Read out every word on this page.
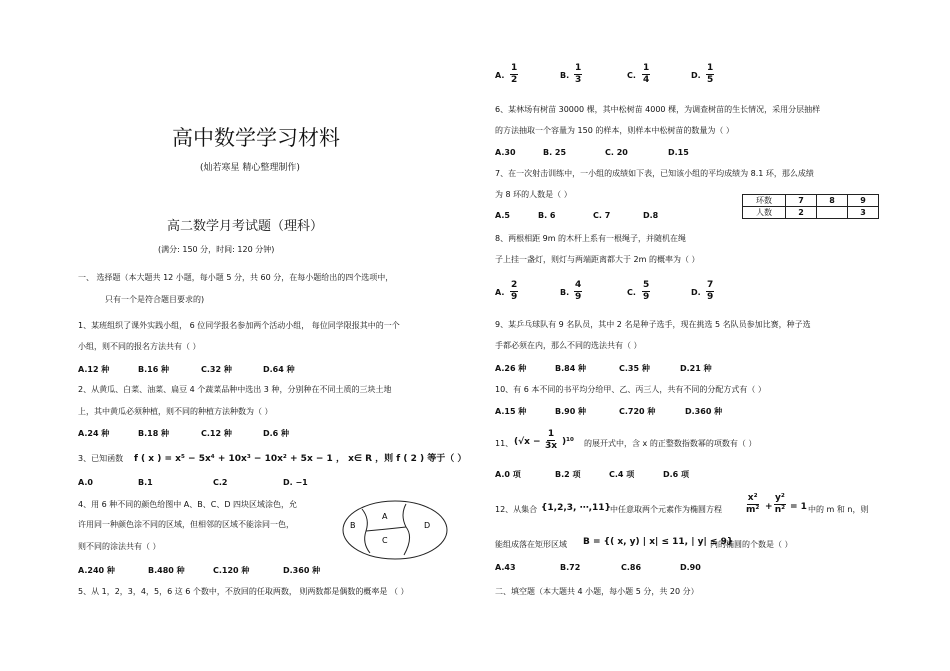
高中数学学习材料
(灿若寒星 精心整理制作)
高二数学月考试题（理科）
(满分: 150 分，时间: 120 分钟)
一、 选择题（本大题共 12 小题，每小题 5 分，共 60 分，在每小题给出的四个选项中，
只有一个是符合题目要求的)
1、某班组织了课外实践小组， 6 位同学报名参加两个活动小组， 每位同学限报其中的一个
小组，则不同的报名方法共有（ ）
A.12 种	B.16 种	C.32 种	D.64 种
2、从黄瓜、白菜、油菜、扁豆 4 个蔬菜品种中选出 3 种，分别种在不同土质的三块土地
上，其中黄瓜必须种植，则不同的种植方法种数为（ ）
A.24 种	B.18 种	C.12 种	D.6 种
3、已知函数 f ( x ) = x⁵ − 5x⁴ + 10x³ − 10x² + 5x − 1 ， x∈ R ，则 f ( 2 ) 等于（ ）
A.0	B.1	C.2	D. −1
4、用 6 种不同的颜色给图中 A、B、C、D 四块区域涂色，允
许用同一种颜色涂不同的区域，但相邻的区域不能涂同一色，
则不同的涂法共有（ ）
A
B
C
D
A.240 种	B.480 种	C.120 种	D.360 种
5、从 1，2，3，4，5，6 这 6 个数中，不放回的任取两数， 则两数都是偶数的概率是 （ ）
A. $\frac{1}{2}$	B. $\frac{1}{3}$	C. $\frac{1}{4}$	D. $\frac{1}{5}$
6、某林场有树苗 30000 棵，其中松树苗 4000 棵，为调查树苗的生长情况，采用分层抽样
的方法抽取一个容量为 150 的样本，则样本中松树苗的数量为（ ）
A.30	B. 25	C. 20	D.15
7、在一次射击训练中，一小组的成绩如下表，已知该小组的平均成绩为 8.1 环，那么成绩
为 8 环的人数是（ ）
环数	7	8	9
人数	2		3
A.5	B. 6	C. 7	D.8
8、两根相距 9m 的木杆上系有一根绳子，并随机在绳
子上挂一盏灯，则灯与两端距离都大于 2m 的概率为（ ）
A. $\frac{2}{9}$	B. $\frac{4}{9}$	C. $\frac{5}{9}$	D. $\frac{7}{9}$
9、某乒乓球队有 9 名队员，其中 2 名是种子选手，现在挑选 5 名队员参加比赛，种子选
手都必须在内，那么不同的选法共有（ ）
A.26 种	B.84 种	C.35 种	D.21 种
10、有 6 本不同的书平均分给甲、乙、丙三人，共有不同的分配方式有（ ）
A.15 种	B.90 种	C.720 种	D.360 种
11、 $(√x - \frac{1}{3x} )^{10}$ 的展开式中，含 x 的正整数指数幂的项数有（ ）
A.0 项	B.2 项	C.4 项	D.6 项
12、从集合 {1,2,3, ⋯,11} 中任意取两个元素作为椭圆方程	$\frac{\text{x²}}{\text{m²}} + \frac{\text{y²}}{\text{n²}} = 1$ 中的 m 和 n，则
能组成落在矩形区域 B = {( x, y) | x| ≤ 11, | y| ≤ 9}
内的椭圆的个数是（ ）
A.43	B.72	C.86	D.90
二、填空题（本大题共 4 小题，每小题 5 分，共 20 分）
